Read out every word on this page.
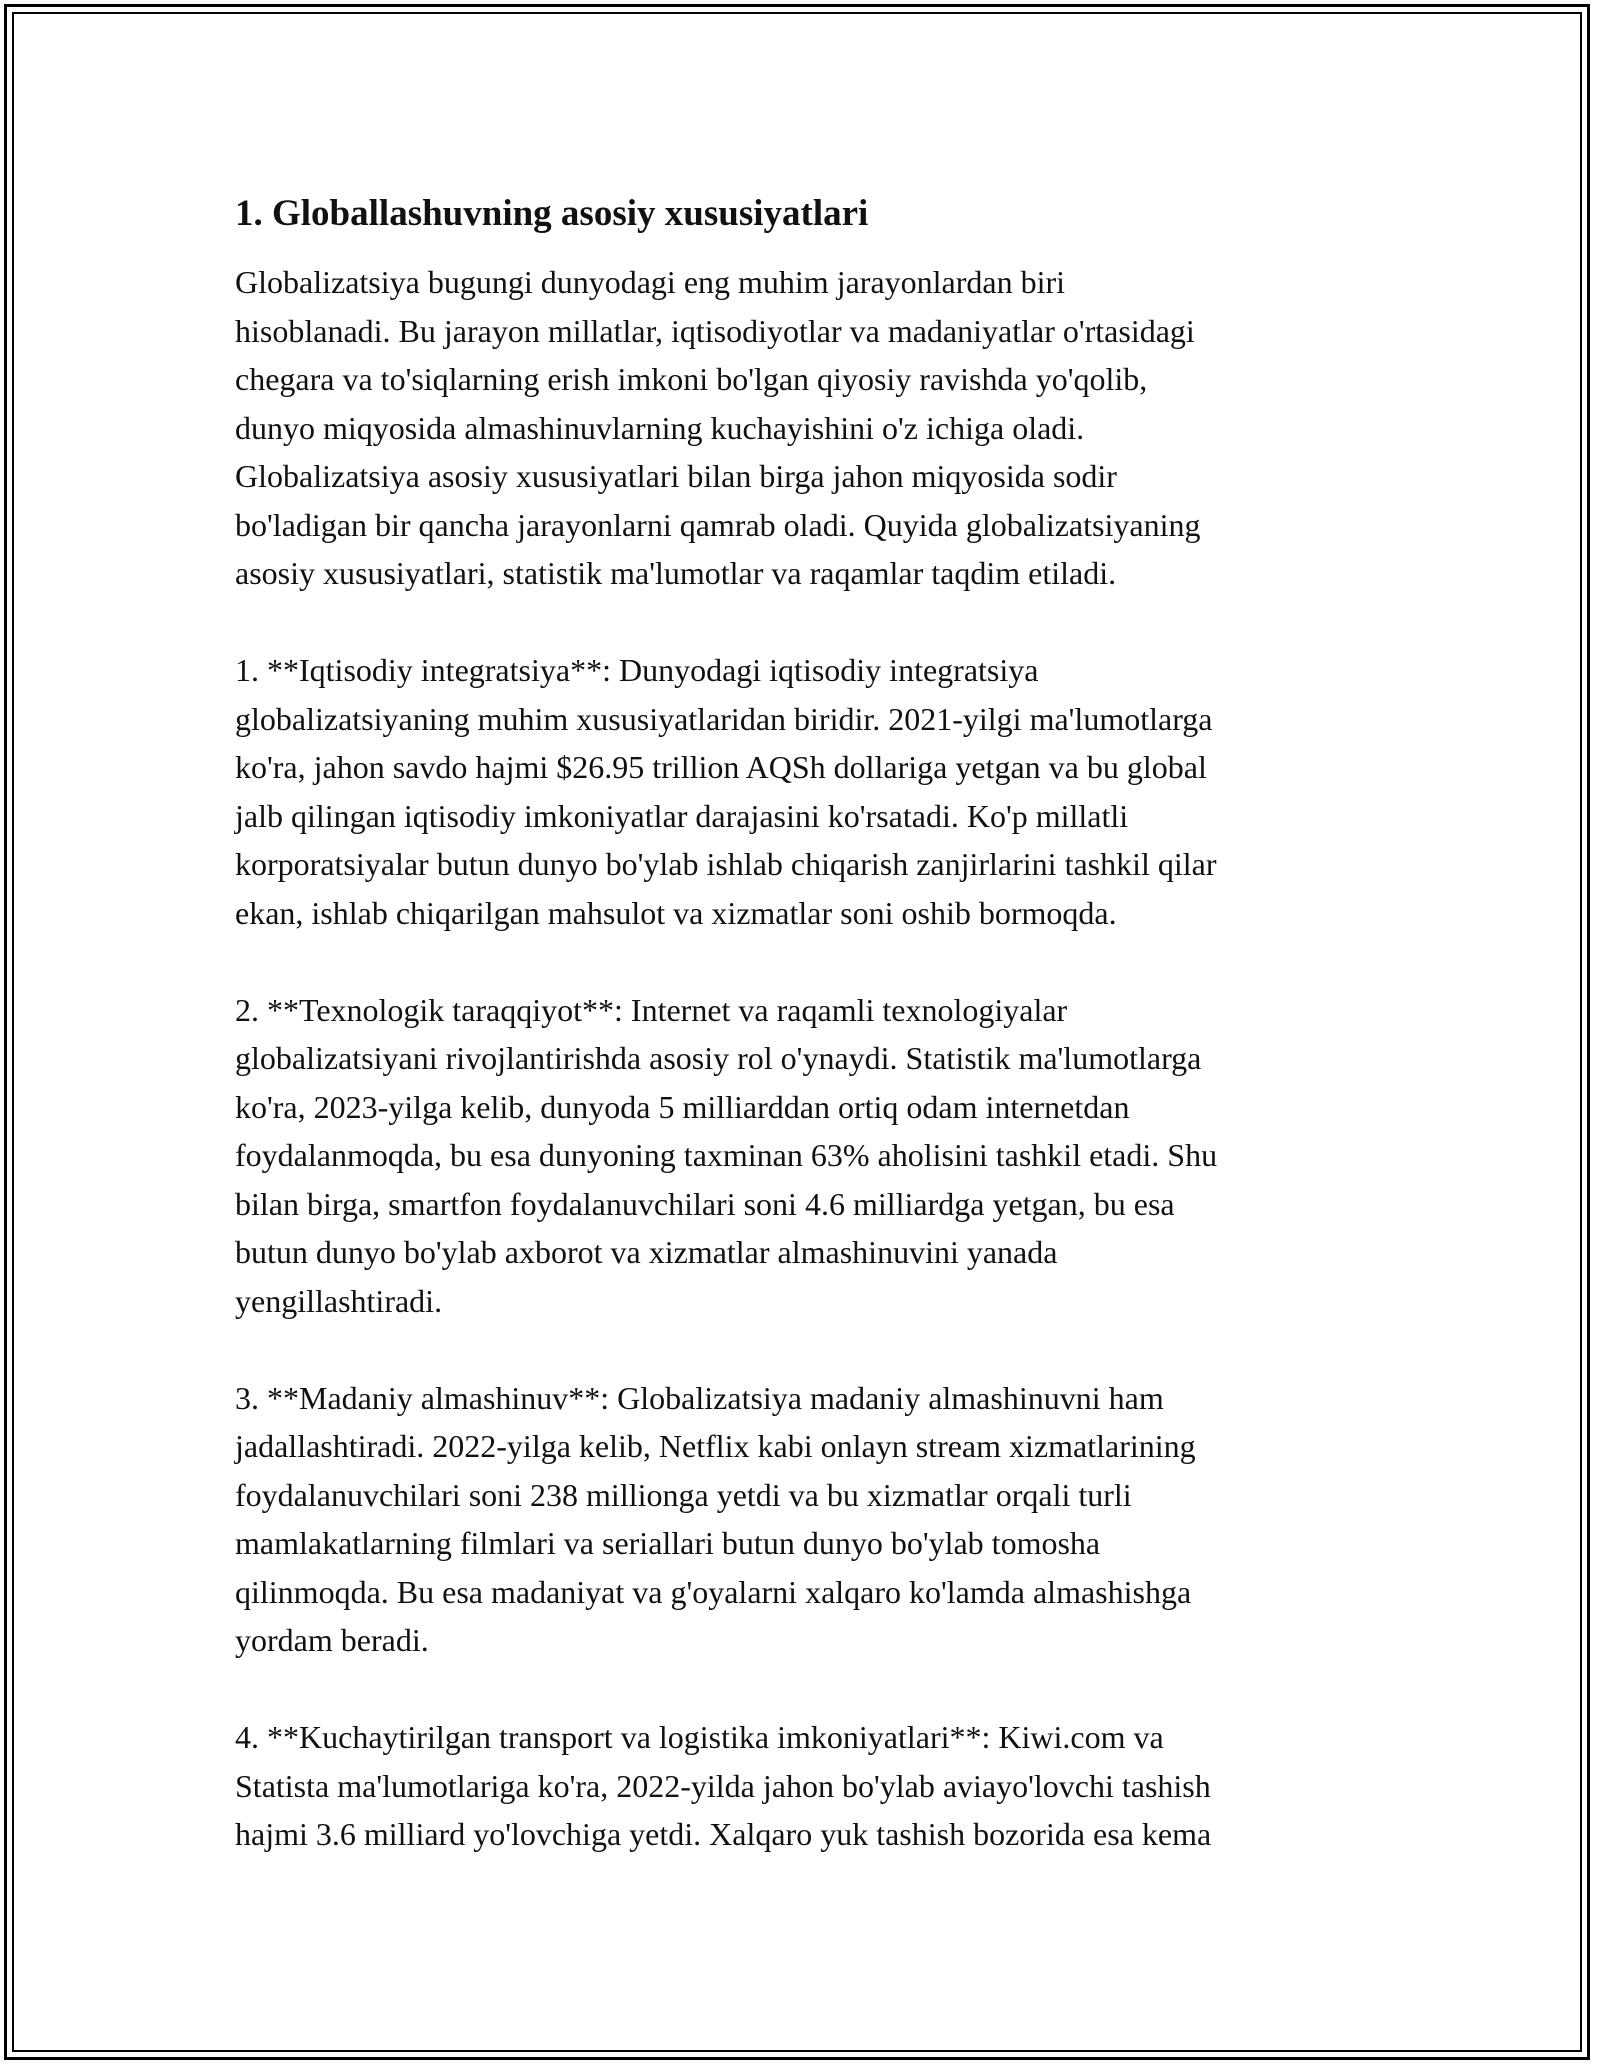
1. Globallashuvning asosiy xususiyatlari

Globalizatsiya bugungi dunyodagi eng muhim jarayonlardan biri
hisoblanadi. Bu jarayon millatlar, iqtisodiyotlar va madaniyatlar o'rtasidagi
chegara va to'siqlarning erish imkoni bo'lgan qiyosiy ravishda yo'qolib,
dunyo miqyosida almashinuvlarning kuchayishini o'z ichiga oladi.
Globalizatsiya asosiy xususiyatlari bilan birga jahon miqyosida sodir
bo'ladigan bir qancha jarayonlarni qamrab oladi. Quyida globalizatsiyaning
asosiy xususiyatlari, statistik ma'lumotlar va raqamlar taqdim etiladi.

1. **Iqtisodiy integratsiya**: Dunyodagi iqtisodiy integratsiya
globalizatsiyaning muhim xususiyatlaridan biridir. 2021-yilgi ma'lumotlarga
ko'ra, jahon savdo hajmi $26.95 trillion AQSh dollariga yetgan va bu global
jalb qilingan iqtisodiy imkoniyatlar darajasini ko'rsatadi. Ko'p millatli
korporatsiyalar butun dunyo bo'ylab ishlab chiqarish zanjirlarini tashkil qilar
ekan, ishlab chiqarilgan mahsulot va xizmatlar soni oshib bormoqda.

2. **Texnologik taraqqiyot**: Internet va raqamli texnologiyalar
globalizatsiyani rivojlantirishda asosiy rol o'ynaydi. Statistik ma'lumotlarga
ko'ra, 2023-yilga kelib, dunyoda 5 milliarddan ortiq odam internetdan
foydalanmoqda, bu esa dunyoning taxminan 63% aholisini tashkil etadi. Shu
bilan birga, smartfon foydalanuvchilari soni 4.6 milliardga yetgan, bu esa
butun dunyo bo'ylab axborot va xizmatlar almashinuvini yanada
yengillashtiradi.

3. **Madaniy almashinuv**: Globalizatsiya madaniy almashinuvni ham
jadallashtiradi. 2022-yilga kelib, Netflix kabi onlayn stream xizmatlarining
foydalanuvchilari soni 238 millionga yetdi va bu xizmatlar orqali turli
mamlakatlarning filmlari va seriallari butun dunyo bo'ylab tomosha
qilinmoqda. Bu esa madaniyat va g'oyalarni xalqaro ko'lamda almashishga
yordam beradi.

4. **Kuchaytirilgan transport va logistika imkoniyatlari**: Kiwi.com va
Statista ma'lumotlariga ko'ra, 2022-yilda jahon bo'ylab aviayo'lovchi tashish
hajmi 3.6 milliard yo'lovchiga yetdi. Xalqaro yuk tashish bozorida esa kema
